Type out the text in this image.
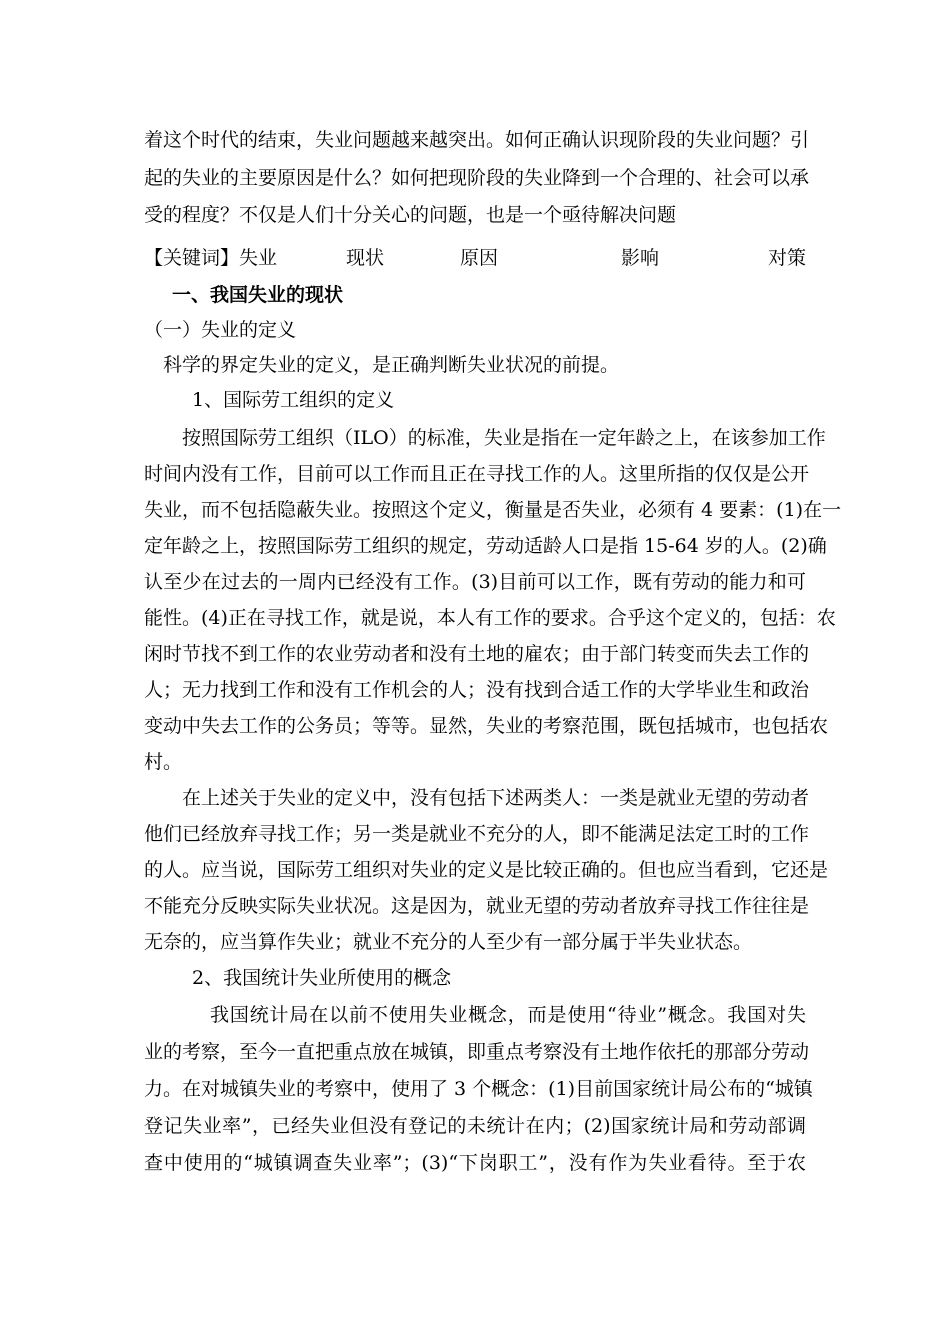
着这个时代的结束，失业问题越来越突出。如何正确认识现阶段的失业问题？引
起的失业的主要原因是什么？如何把现阶段的失业降到一个合理的、社会可以承
受的程度？不仅是人们十分关心的问题，也是一个亟待解决问题
【关键词】失业	现状	原因	影响	对策
一、我国失业的现状
（一）失业的定义
科学的界定失业的定义，是正确判断失业状况的前提。
1、国际劳工组织的定义
按照国际劳工组织（ILO）的标准，失业是指在一定年龄之上，在该参加工作
时间内没有工作，目前可以工作而且正在寻找工作的人。这里所指的仅仅是公开
失业，而不包括隐蔽失业。按照这个定义，衡量是否失业，必须有 4 要素：(1)在一
定年龄之上，按照国际劳工组织的规定，劳动适龄人口是指 15-64 岁的人。(2)确
认至少在过去的一周内已经没有工作。(3)目前可以工作，既有劳动的能力和可
能性。(4)正在寻找工作，就是说，本人有工作的要求。合乎这个定义的，包括：农
闲时节找不到工作的农业劳动者和没有土地的雇农；由于部门转变而失去工作的
人；无力找到工作和没有工作机会的人；没有找到合适工作的大学毕业生和政治
变动中失去工作的公务员；等等。显然，失业的考察范围，既包括城市，也包括农
村。
在上述关于失业的定义中，没有包括下述两类人：一类是就业无望的劳动者
他们已经放弃寻找工作；另一类是就业不充分的人，即不能满足法定工时的工作
的人。应当说，国际劳工组织对失业的定义是比较正确的。但也应当看到，它还是
不能充分反映实际失业状况。这是因为，就业无望的劳动者放弃寻找工作往往是
无奈的，应当算作失业；就业不充分的人至少有一部分属于半失业状态。
2、我国统计失业所使用的概念
我国统计局在以前不使用失业概念，而是使用“待业”概念。我国对失
业的考察，至今一直把重点放在城镇，即重点考察没有土地作依托的那部分劳动
力。在对城镇失业的考察中，使用了 3 个概念：(1)目前国家统计局公布的“城镇
登记失业率”，已经失业但没有登记的未统计在内；(2)国家统计局和劳动部调
查中使用的“城镇调查失业率”；(3)“下岗职工”，没有作为失业看待。至于农
